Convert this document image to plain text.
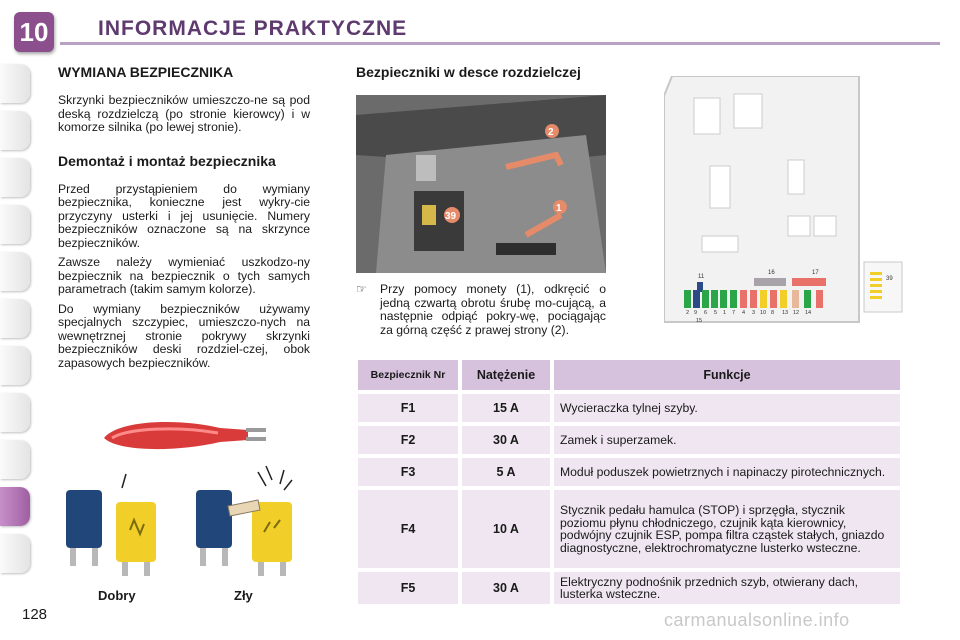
10 INFORMACJE PRAKTYCZNE
WYMIANA BEZPIECZNIKA

Skrzynki bezpieczników umieszczo-ne są pod deską rozdzielczą (po stronie kierowcy) i w komorze silnika (po lewej stronie).

Demontaż i montaż bezpiecznika

Przed przystąpieniem do wymiany bezpiecznika, konieczne jest wykry-cie przyczyny usterki i jej usunięcie. Numery bezpieczników oznaczone są na skrzynce bezpieczników.

Zawsze należy wymieniać uszkodzo-ny bezpiecznik na bezpiecznik o tych samych parametrach (takim samym kolorze).

Do wymiany bezpieczników używamy specjalnych szczypiec, umieszczo-nych na wewnętrznej stronie pokrywy skrzynki bezpieczników deski rozdziel-czej, obok zapasowych bezpieczników.

Dobry	Zły
Bezpieczniki w desce rozdzielczej
2
1
39
☞ Przy pomocy monety (1), odkręcić o jedną czwartą obrotu śrubę mo-cującą, a następnie odpiąć pokry-wę, pociągając za górną część z prawej strony (2).
11
16	17
2 9 6 5 1 7 4 3 10 8 13 12 14
15
39
Bezpiecznik Nr	Natężenie	Funkcje
F1	15 A	Wycieraczka tylnej szyby.
F2	30 A	Zamek i superzamek.
F3	5 A	Moduł poduszek powietrznych i napinaczy pirotechnicznych.
F4	10 A	Stycznik pedału hamulca (STOP) i sprzęgła, stycznik poziomu płynu chłodniczego, czujnik kąta kierownicy, podwójny czujnik ESP, pompa filtra cząstek stałych, gniazdo diagnostyczne, elektrochromatyczne lusterko wsteczne.
F5	30 A	Elektryczny podnośnik przednich szyb, otwierany dach, lusterka wsteczne.
128	carmanualsonline.info
